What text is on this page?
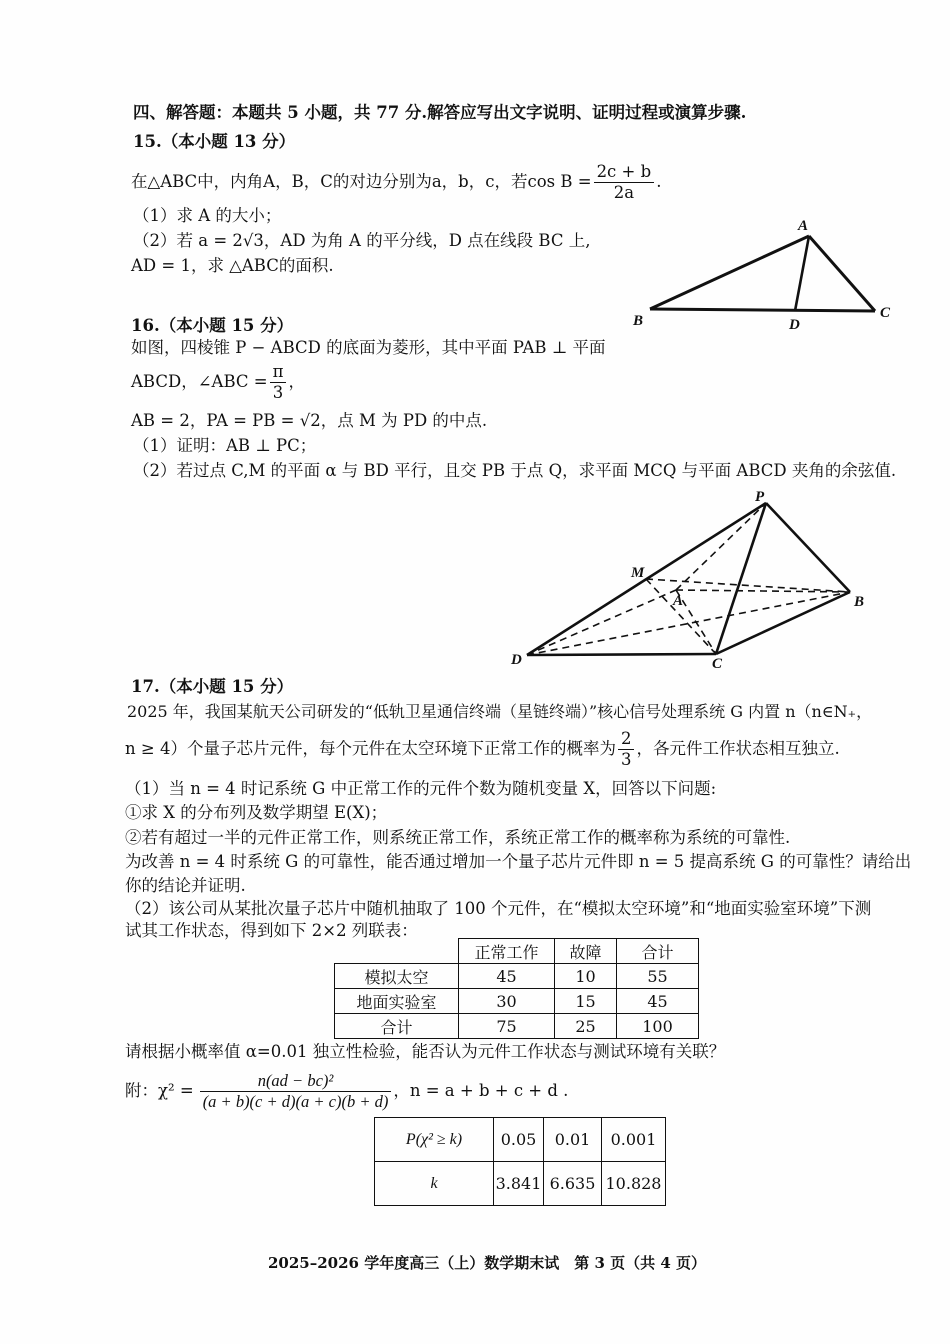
四、解答题：本题共 5 小题，共 77 分.解答应写出文字说明、证明过程或演算步骤.
15.（本小题 13 分）
在△ABC中，内角A，B，C的对边分别为a，b，c，若$\cos B = \frac{2c + b}{2a}$ .
（1）求 A 的大小；
（2）若 a = 2√3，AD 为角 A 的平分线，D 点在线段 BC 上,
AD = 1，求 △ABC的面积.
A
B	D
C
16.（本小题 15 分）
如图，四棱锥 P − ABCD 的底面为菱形，其中平面 PAB ⊥ 平面
ABCD，∠ABC = $\frac{\pi}{3}$ ，
AB = 2，PA = PB = √2，点 M 为 PD 的中点.
（1）证明：AB ⊥ PC；
（2）若过点 C,M 的平面 α 与 BD 平行，且交 PB 于点 Q，求平面 MCQ 与平面 ABCD 夹角的余弦值.
P
M
A	B
D	C
17.（本小题 15 分）
2025 年，我国某航天公司研发的“低轨卫星通信终端（星链终端）”核心信号处理系统 G 内置 n（n∈N₊，
n ≥ 4）个量子芯片元件，每个元件在太空环境下正常工作的概率为 $\frac{2}{3}$ ，各元件工作状态相互独立.
（1）当 n = 4 时记系统 G 中正常工作的元件个数为随机变量 X，回答以下问题:
①求 X 的分布列及数学期望 E(X)；
②若有超过一半的元件正常工作，则系统正常工作，系统正常工作的概率称为系统的可靠性.
为改善 n = 4 时系统 G 的可靠性，能否通过增加一个量子芯片元件即 n = 5 提高系统 G 的可靠性？请给出
你的结论并证明.
（2）该公司从某批次量子芯片中随机抽取了 100 个元件，在“模拟太空环境”和“地面实验室环境”下测
试其工作状态，得到如下 2×2 列联表：
	正常工作	故障	合计
模拟太空	45	10	55
地面实验室	30	15	45
合计	75	25	100
请根据小概率值 α=0.01 独立性检验，能否认为元件工作状态与测试环境有关联？
附：$\chi^2 = \frac{\text{n(ad − bc)²}}{(a + b)(c + d)(a + c)(b + d)}$ ，n = a + b + c + d .
P(χ² ≥ k)	0.05	0.01	0.001
k	3.841	6.635	10.828
2025–2026 学年度高三（上）数学期末试　第 3 页（共 4 页）
